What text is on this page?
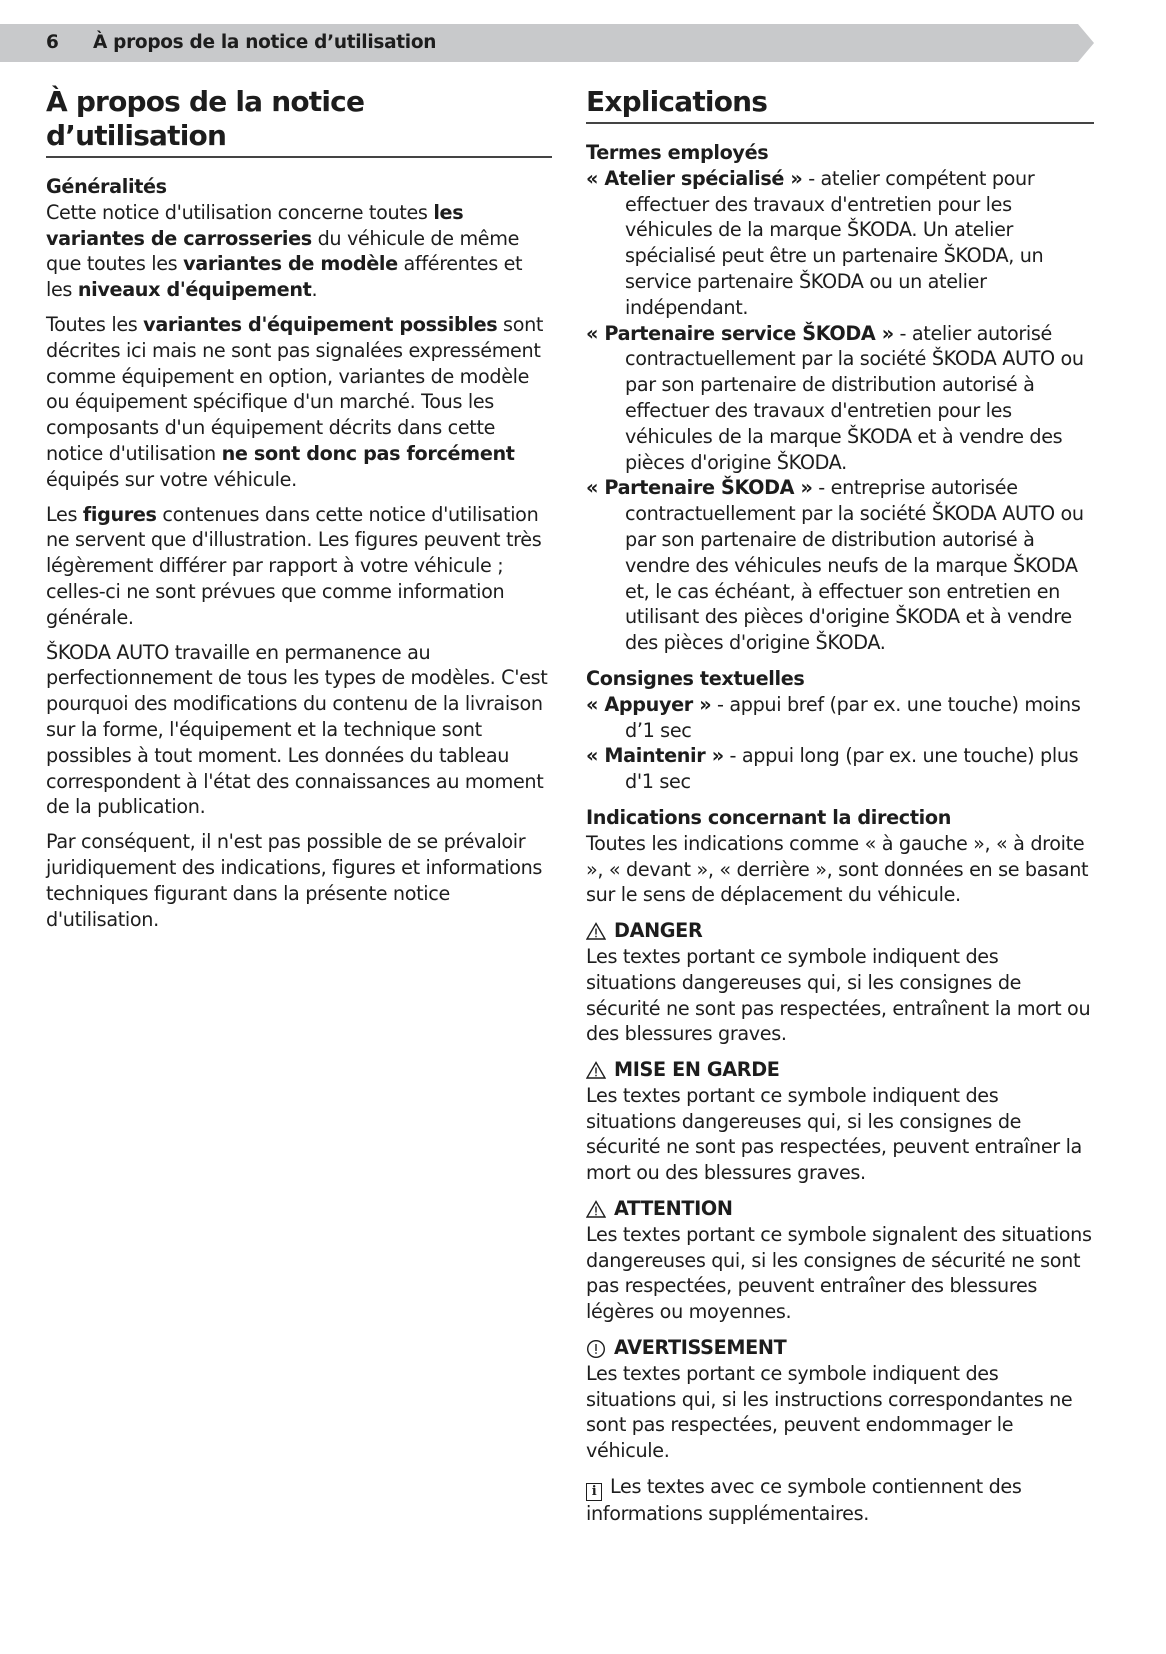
6 À propos de la notice d’utilisation
À propos de la notice d’utilisation
Généralités

Cette notice d'utilisation concerne toutes les variantes de carrosseries du véhicule de même que toutes les variantes de modèle afférentes et les niveaux d'équipement.

Toutes les variantes d'équipement possibles sont décrites ici mais ne sont pas signalées expressément comme équipement en option, variantes de modèle ou équipement spécifique d'un marché. Tous les composants d'un équipement décrits dans cette notice d'utilisation ne sont donc pas forcément équipés sur votre véhicule.

Les figures contenues dans cette notice d'utilisation ne servent que d'illustration. Les figures peuvent très légèrement différer par rapport à votre véhicule ; celles-ci ne sont prévues que comme information générale.

ŠKODA AUTO travaille en permanence au perfectionnement de tous les types de modèles. C'est pourquoi des modifications du contenu de la livraison sur la forme, l'équipement et la technique sont possibles à tout moment. Les données du tableau correspondent à l'état des connaissances au moment de la publication.

Par conséquent, il n'est pas possible de se prévaloir juridiquement des indications, figures et informations techniques figurant dans la présente notice d'utilisation.

Explications
Termes employés
« Atelier spécialisé » - atelier compétent pour effectuer des travaux d'entretien pour les véhicules de la marque ŠKODA. Un atelier spécialisé peut être un partenaire ŠKODA, un service partenaire ŠKODA ou un atelier indépendant.
« Partenaire service ŠKODA » - atelier autorisé contractuellement par la société ŠKODA AUTO ou par son partenaire de distribution autorisé à effectuer des travaux d'entretien pour les véhicules de la marque ŠKODA et à vendre des pièces d'origine ŠKODA.
« Partenaire ŠKODA » - entreprise autorisée contractuellement par la société ŠKODA AUTO ou par son partenaire de distribution autorisé à vendre des véhicules neufs de la marque ŠKODA et, le cas échéant, à effectuer son entretien en utilisant des pièces d'origine ŠKODA et à vendre des pièces d'origine ŠKODA.
Consignes textuelles
« Appuyer » - appui bref (par ex. une touche) moins d’1 sec
« Maintenir » - appui long (par ex. une touche) plus d'1 sec
Indications concernant la direction
Toutes les indications comme « à gauche », « à droite », « devant », « derrière », sont données en se basant sur le sens de déplacement du véhicule.
DANGER
Les textes portant ce symbole indiquent des situations dangereuses qui, si les consignes de sécurité ne sont pas respectées, entraînent la mort ou des blessures graves.
MISE EN GARDE
Les textes portant ce symbole indiquent des situations dangereuses qui, si les consignes de sécurité ne sont pas respectées, peuvent entraîner la mort ou des blessures graves.
ATTENTION
Les textes portant ce symbole signalent des situations dangereuses qui, si les consignes de sécurité ne sont pas respectées, peuvent entraîner des blessures légères ou moyennes.
AVERTISSEMENT
Les textes portant ce symbole indiquent des situations qui, si les instructions correspondantes ne sont pas respectées, peuvent endommager le véhicule.
i Les textes avec ce symbole contiennent des informations supplémentaires.
